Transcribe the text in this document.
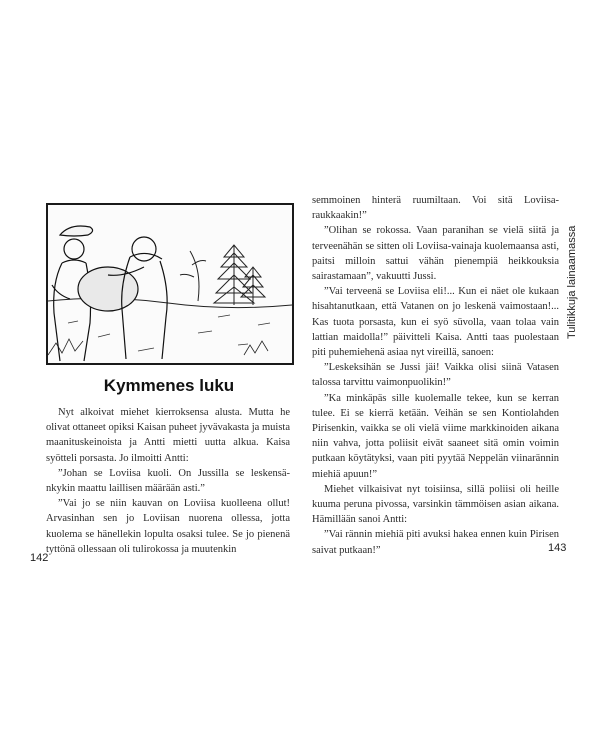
Kymmenes luku

Nyt alkoivat miehet kierroksensa alusta. Mutta he olivat ottaneet opiksi Kaisan puheet jyvävakasta ja muista maanituskeinoista ja Antti mietti uutta alkua. Kaisa syötteli porsasta. Jo ilmoitti Antti:

”Johan se Loviisa kuoli. On Jussilla se leskensä-nkykin maattu laillisen määrään asti.”

”Vai jo se niin kauvan on Loviisa kuolleena ollut! Arvasinhan sen jo Loviisan nuorena ollessa, jotta kuolema se hänellekin lopulta osaksi tulee. Se jo pienenä tyttönä ollessaan oli tulirokossa ja muutenkin

142

semmoinen hinterä ruumiltaan. Voi sitä Loviisa-raukkaakin!”

”Olihan se rokossa. Vaan paranihan se vielä siitä ja terveenähän se sitten oli Loviisa-vainaja kuolemaansa asti, paitsi milloin sattui vähän pienempiä heikkouksia sairastamaan”, vakuutti Jussi.

”Vai terveenä se Loviisa eli!... Kun ei näet ole kukaan hisahtanutkaan, että Vatanen on jo leskenä vaimostaan!... Kas tuota porsasta, kun ei syö süvolla, vaan tolaa vain lattian maidolla!” päivitteli Kaisa. Antti taas puolestaan piti puhemiehenä asiaa nyt vireillä, sanoen:

”Leskeksihän se Jussi jäi! Vaikka olisi siinä Vatasen talossa tarvittu vaimonpuolikin!”

”Ka minkäpäs sille kuolemalle tekee, kun se kerran tulee. Ei se kierrä ketään. Veihän se sen Kontiolahden Pirisenkin, vaikka se oli vielä viime markkinoiden aikana niin vahva, jotta poliisit eivät saaneet sitä omin voimin putkaan köytätyksi, vaan piti pyytää Neppelän viinarännin miehiä apuun!”

Miehet vilkaisivat nyt toisiinsa, sillä poliisi oli heille kuuma peruna pivossa, varsinkin tämmöisen asian aikana. Hämillään sanoi Antti:

”Vai rännin miehiä piti avuksi hakea ennen kuin Pirisen saivat putkaan!”	143

Tulitikkuja lainaamassa
